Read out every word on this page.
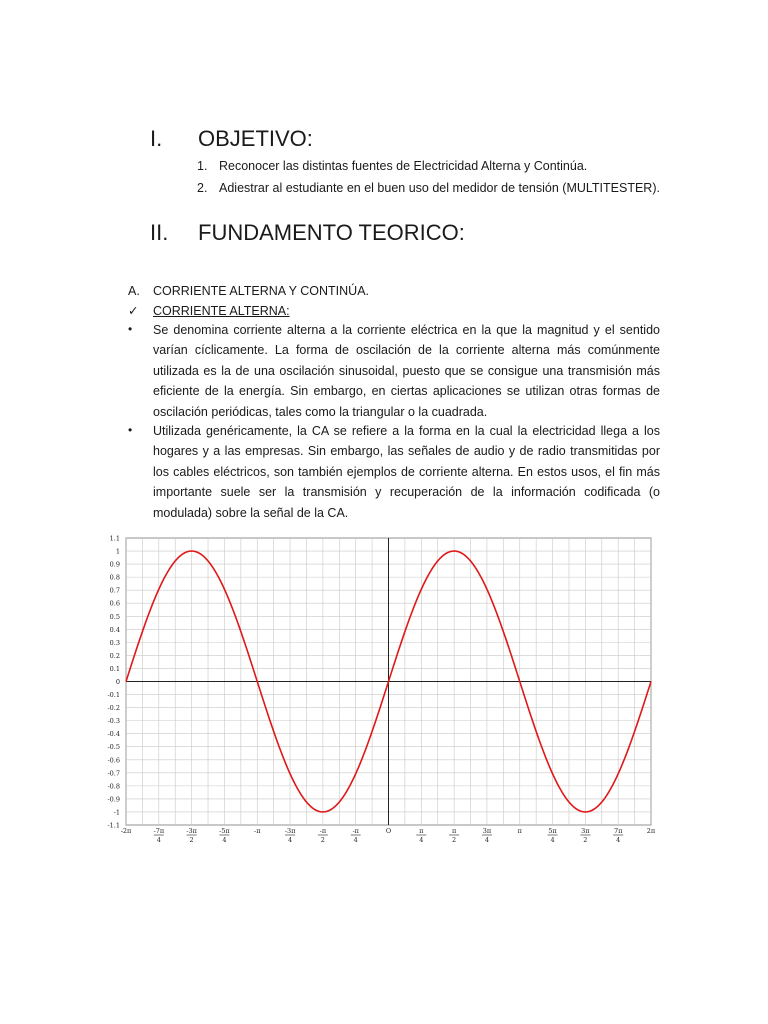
I.	OBJETIVO:
1. Reconocer las distintas fuentes de Electricidad Alterna y Continúa.
2. Adiestrar al estudiante en el buen uso del medidor de tensión (MULTITESTER).
II.	FUNDAMENTO TEORICO:
A.	CORRIENTE ALTERNA Y CONTINÚA.
✓	CORRIENTE ALTERNA:
• Se denomina corriente alterna a la corriente eléctrica en la que la magnitud y el sentido varían cíclicamente. La forma de oscilación de la corriente alterna más comúnmente utilizada es la de una oscilación sinusoidal, puesto que se consigue una transmisión más eficiente de la energía. Sin embargo, en ciertas aplicaciones se utilizan otras formas de oscilación periódicas, tales como la triangular o la cuadrada.
• Utilizada genéricamente, la CA se refiere a la forma en la cual la electricidad llega a los hogares y a las empresas. Sin embargo, las señales de audio y de radio transmitidas por los cables eléctricos, son también ejemplos de corriente alterna. En estos usos, el fin más importante suele ser la transmisión y recuperación de la información codificada (o modulada) sobre la señal de la CA.
1.1
1
0.9
0.8
0.7
0.6
0.5
0.4
0.3
0.2
0.1
0
-0.1
-0.2
-0.3
-0.4
-0.5
-0.6
-0.7
-0.8
-0.9
-1
-1.1
-2π	-7π
4
-3π
2
-5π
4
-π	-3π
4
-π
2
-π
4
O	π
4
π
2
3π
4
π	5π
4
3π
2
7π
4
2π
